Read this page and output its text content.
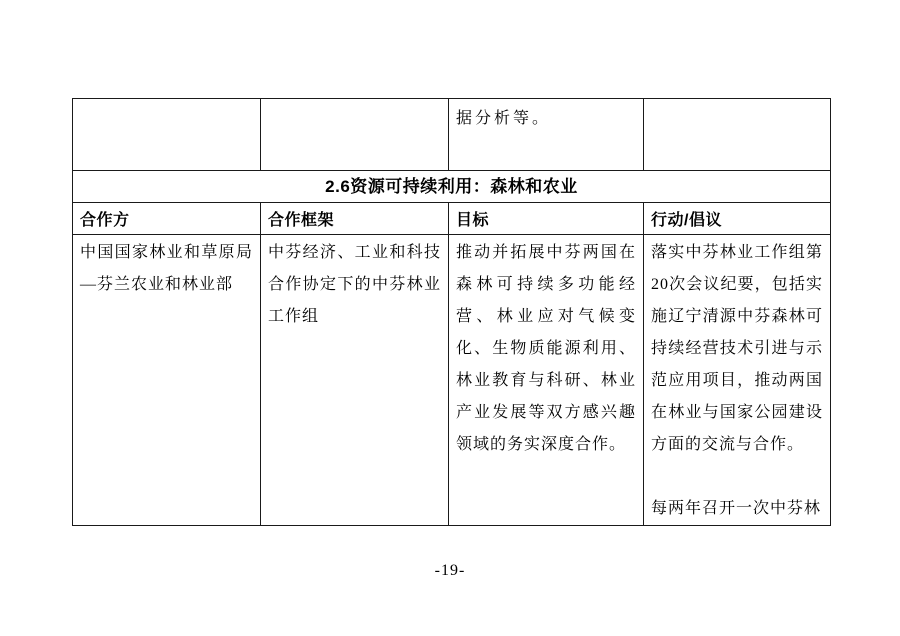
		据分析等。	
2.6资源可持续利用：森林和农业			
合作方	合作框架	目标	行动/倡议

中国国家林业和草原局—芬兰农业和林业部	中芬经济、工业和科技合作协定下的中芬林业工作组	推动并拓展中芬两国在森林可持续多功能经营、林业应对气候变化、生物质能源利用、林业教育与科研、林业产业发展等双方感兴趣领域的务实深度合作。	落实中芬林业工作组第20次会议纪要，包括实施辽宁清源中芬森林可持续经营技术引进与示范应用项目，推动两国在林业与国家公园建设方面的交流与合作。

每两年召开一次中芬林

-19-
